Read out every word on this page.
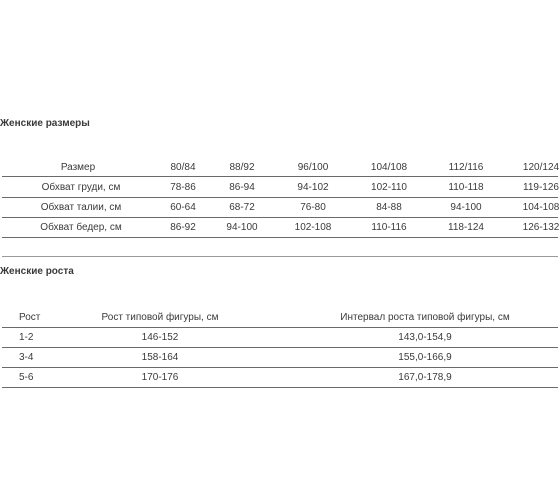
Женские размеры
Размер	80/84	88/92	96/100	104/108	112/116	120/124
Обхват груди, см	78-86	86-94	94-102	102-110	110-118	119-126
Обхват талии, см	60-64	68-72	76-80	84-88	94-100	104-108
Обхват бедер, см	86-92	94-100	102-108	110-116	118-124	126-132
Женские роста
Рост	Рост типовой фигуры, см	Интервал роста типовой фигуры, см
1-2	146-152	143,0-154,9
3-4	158-164	155,0-166,9
5-6	170-176	167,0-178,9
